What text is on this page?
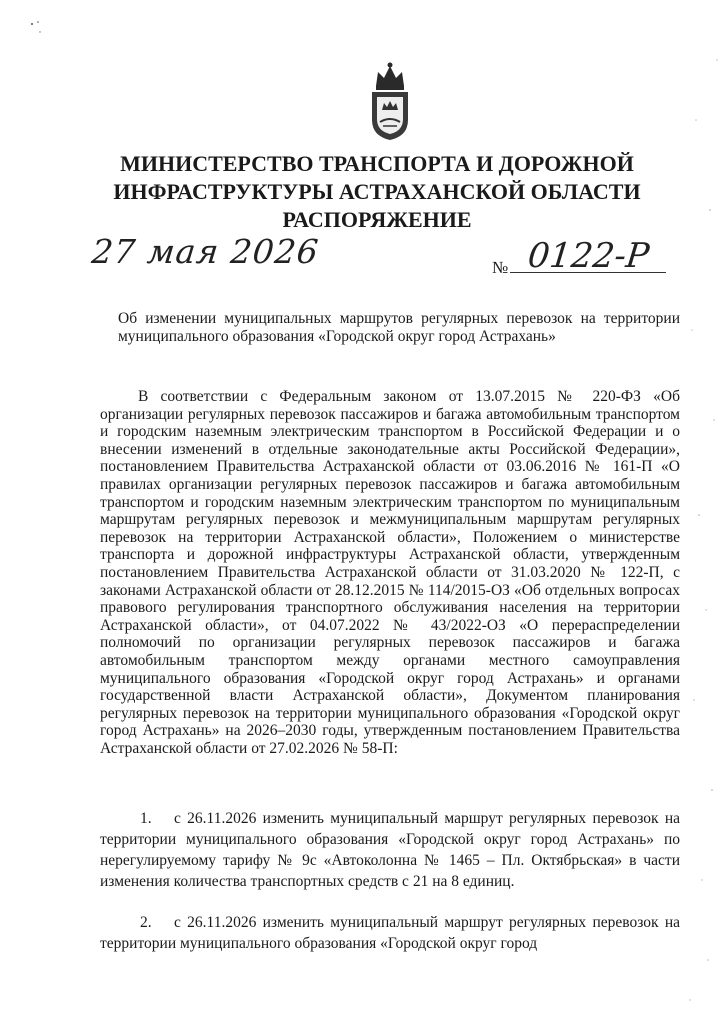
МИНИСТЕРСТВО ТРАНСПОРТА И ДОРОЖНОЙ
ИНФРАСТРУКТУРЫ АСТРАХАНСКОЙ ОБЛАСТИ
РАСПОРЯЖЕНИЕ
27 мая 2026	№ 0122-Р
Об изменении муниципальных маршрутов регулярных перевозок на территории муниципального образования «Городской округ город Астрахань»

В соответствии с Федеральным законом от 13.07.2015 № 220-ФЗ «Об организации регулярных перевозок пассажиров и багажа автомобильным транспортом и городским наземным электрическим транспортом в Российской Федерации и о внесении изменений в отдельные законодательные акты Российской Федерации», постановлением Правительства Астраханской области от 03.06.2016 № 161-П «О правилах организации регулярных перевозок пассажиров и багажа автомобильным транспортом и городским наземным электрическим транспортом по муниципальным маршрутам регулярных перевозок и межмуниципальным маршрутам регулярных перевозок на территории Астраханской области», Положением о министерстве транспорта и дорожной инфраструктуры Астраханской области, утвержденным постановлением Правительства Астраханской области от 31.03.2020 № 122-П, с законами Астраханской области от 28.12.2015 № 114/2015-ОЗ «Об отдельных вопросах правового регулирования транспортного обслуживания населения на территории Астраханской области», от 04.07.2022 № 43/2022-ОЗ «О перераспределении полномочий по организации регулярных перевозок пассажиров и багажа автомобильным транспортом между органами местного самоуправления муниципального образования «Городской округ город Астрахань» и органами государственной власти Астраханской области», Документом планирования регулярных перевозок на территории муниципального образования «Городской округ город Астрахань» на 2026–2030 годы, утвержденным постановлением Правительства Астраханской области от 27.02.2026 № 58-П:

1. с 26.11.2026 изменить муниципальный маршрут регулярных перевозок на территории муниципального образования «Городской округ город Астрахань» по нерегулируемому тарифу № 9с «Автоколонна № 1465 – Пл. Октябрьская» в части изменения количества транспортных средств с 21 на 8 единиц.

2. с 26.11.2026 изменить муниципальный маршрут регулярных перевозок на территории муниципального образования «Городской округ город
